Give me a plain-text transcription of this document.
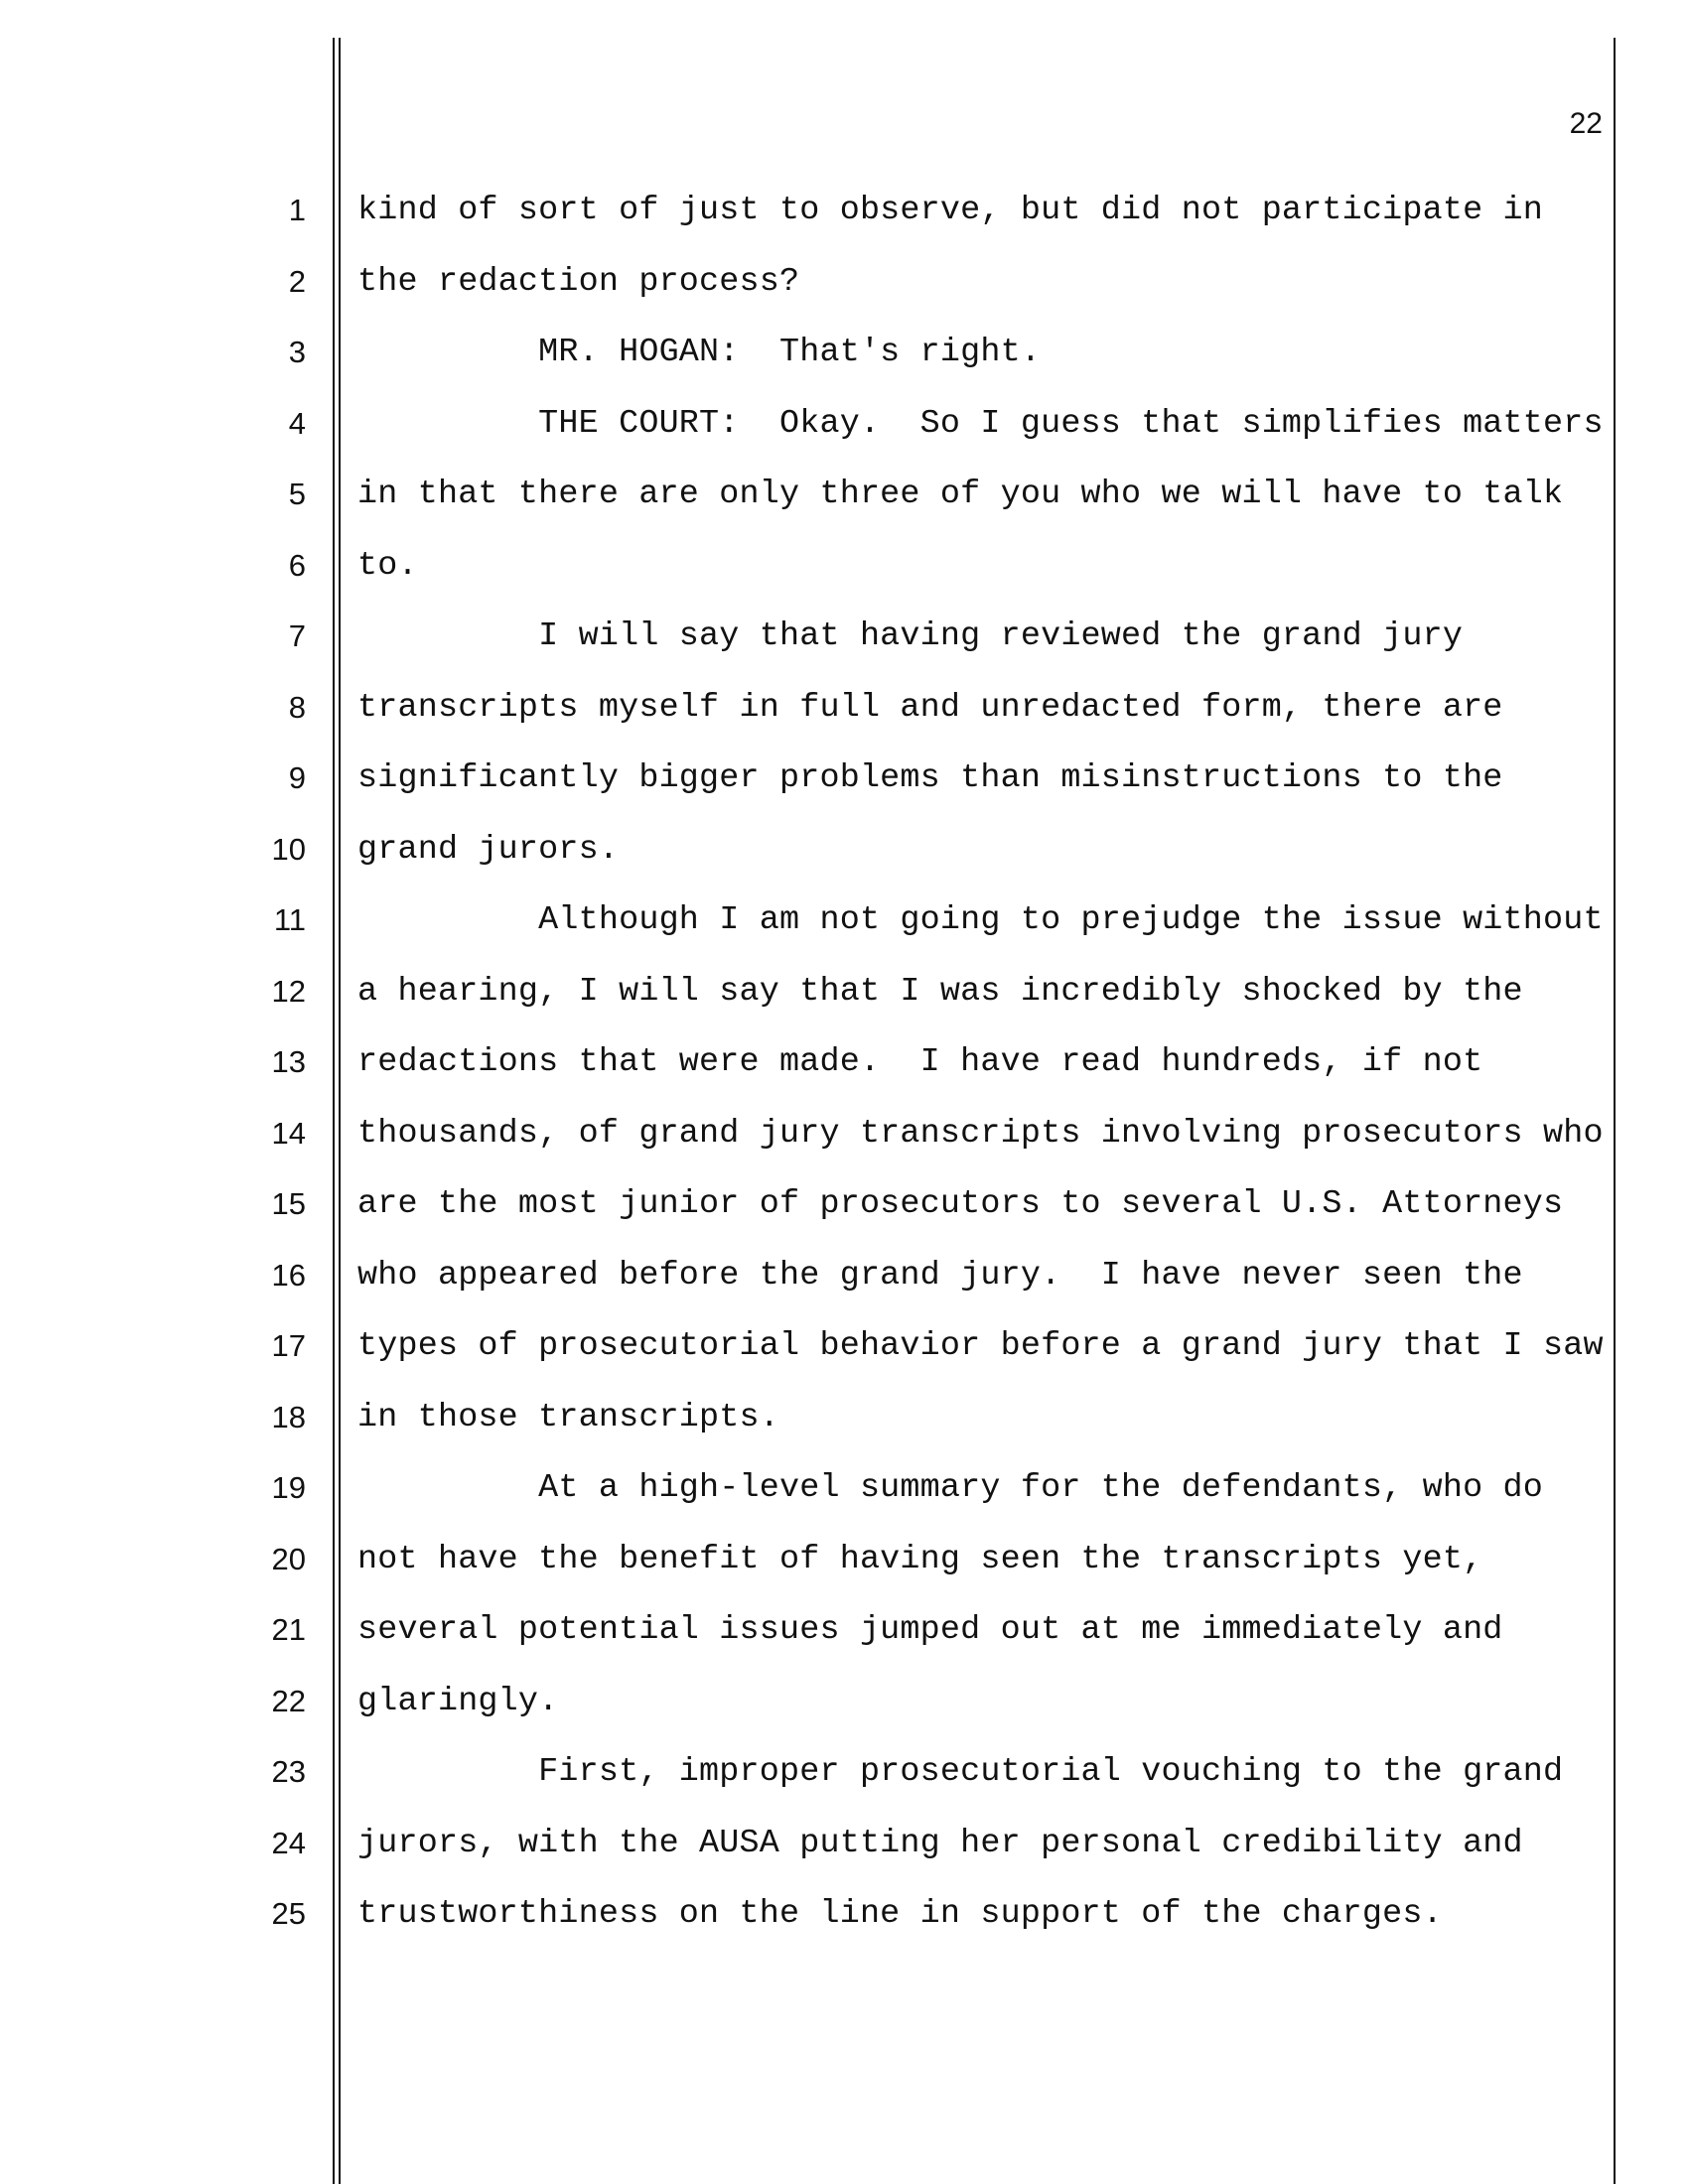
22
1 kind of sort of just to observe, but did not participate in
2 the redaction process?
3 MR. HOGAN:  That's right.
4 THE COURT:  Okay.  So I guess that simplifies matters
5 in that there are only three of you who we will have to talk
6 to.
7 I will say that having reviewed the grand jury
8 transcripts myself in full and unredacted form, there are
9 significantly bigger problems than misinstructions to the
10 grand jurors.
11 Although I am not going to prejudge the issue without
12 a hearing, I will say that I was incredibly shocked by the
13 redactions that were made.  I have read hundreds, if not
14 thousands, of grand jury transcripts involving prosecutors who
15 are the most junior of prosecutors to several U.S. Attorneys
16 who appeared before the grand jury.  I have never seen the
17 types of prosecutorial behavior before a grand jury that I saw
18 in those transcripts.
19 At a high-level summary for the defendants, who do
20 not have the benefit of having seen the transcripts yet,
21 several potential issues jumped out at me immediately and
22 glaringly.
23 First, improper prosecutorial vouching to the grand
24 jurors, with the AUSA putting her personal credibility and
25 trustworthiness on the line in support of the charges.
